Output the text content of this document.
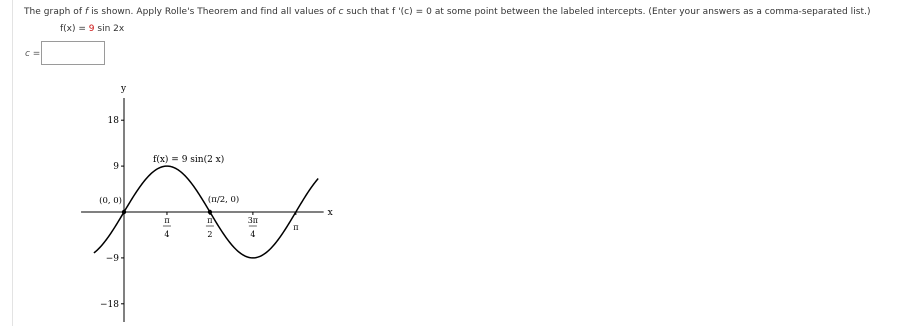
The graph of f is shown. Apply Rolle's Theorem and find all values of c such that f '(c) = 0 at some point between the labeled intercepts. (Enter your answers as a comma-separated list.)
f(x) = 9 sin 2x
c =
x
y
18
9
−9
−18
π
4
π
2
3π
4
π
(0, 0)	(π/2, 0)
f(x) = 9 sin(2 x)
